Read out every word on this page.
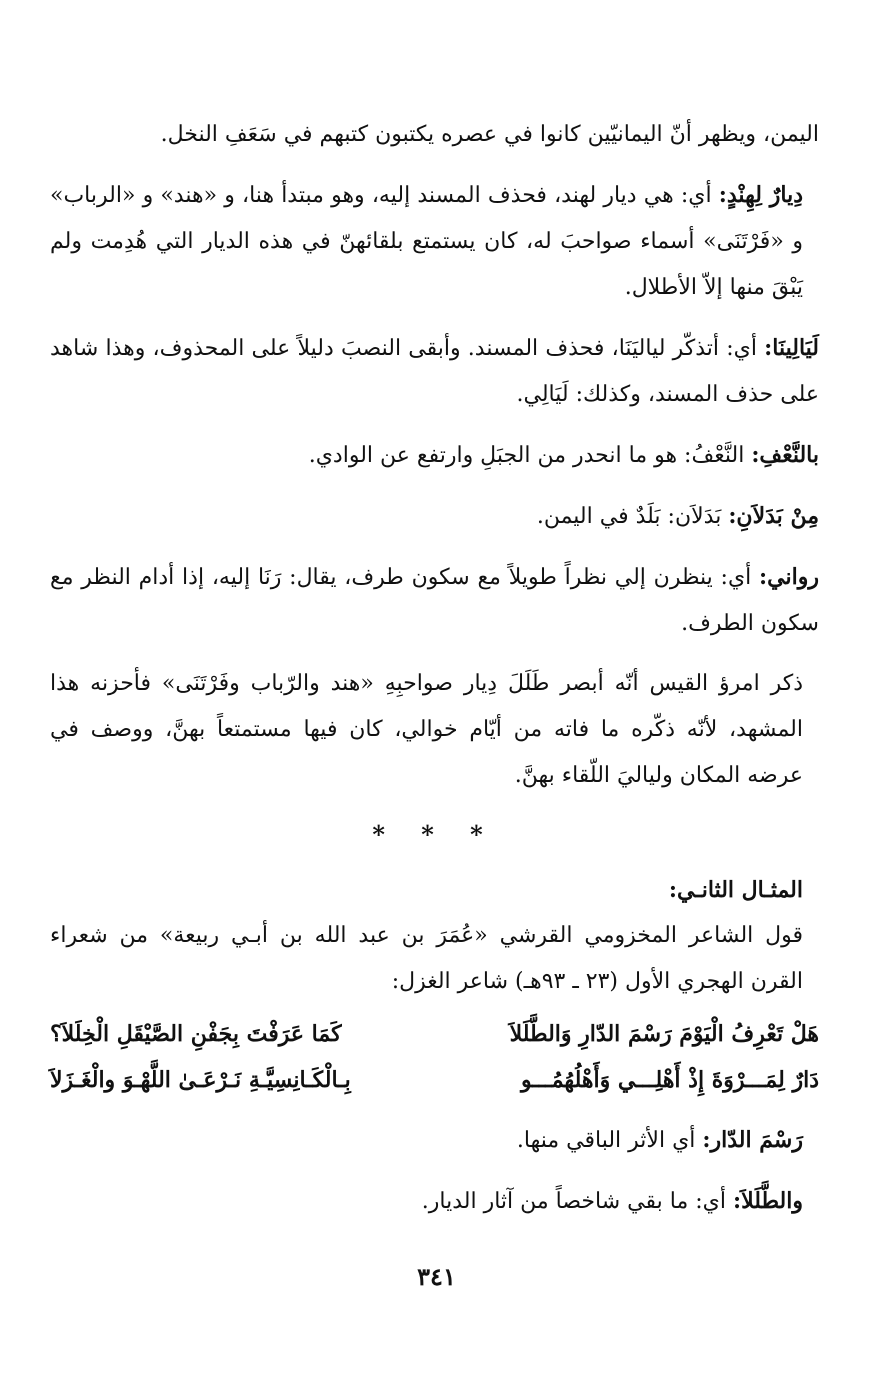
اليمن، ويظهر أنّ اليمانيّين كانوا في عصره يكتبون كتبهم في سَعَفِ النخل.

دِيارٌ لِهِنْدٍ: أي: هي ديار لهند، فحذف المسند إليه، وهو مبتدأ هنا، و «هند» و «الرباب» و «فَرْتَنَى» أسماء صواحبَ له، كان يستمتع بلقائهنّ في هذه الديار التي هُدِمت ولم يَبْقَ منها إلاّ الأطلال.

لَيَالِينَا: أي: أتذكّر لياليَنَا، فحذف المسند. وأبقى النصبَ دليلاً على المحذوف، وهذا شاهد على حذف المسند، وكذلك: لَيَالِي.

بالنَّعْفِ: النَّعْفُ: هو ما انحدر من الجبَلِ وارتفع عن الوادي.

مِنْ بَدَلاَنِ: بَدَلاَن: بَلَدٌ في اليمن.

رواني: أي: ينظرن إلي نظراً طويلاً مع سكون طرف، يقال: رَنَا إليه، إذا أدام النظر مع سكون الطرف.

ذكر امرؤ القيس أنّه أبصر طَلَلَ دِيار صواحبِهِ «هند والرّباب وفَرْتَنَى» فأحزنه هذا المشهد، لأنّه ذكّره ما فاته من أيّام خوالي، كان فيها مستمتعاً بهنَّ، ووصف في عرضه المكان ولياليَ اللّقاء بهنَّ.

* * *

المثـال الثانـي:

قول الشاعر المخزومي القرشي «عُمَرَ بن عبد الله بن أبـي ربيعة» من شعراء القرن الهجري الأول (٢٣ ـ ٩٣هـ) شاعر الغزل:

هَلْ تَعْرِفُ الْيَوْمَ رَسْمَ الدّارِ وَالطَّلَلاَ
كَمَا عَرَفْتَ بِجَفْنِ الصَّيْقَلِ الْخِلَلاَ؟
دَارٌ لِمَـــرْوَةَ إِذْ أَهْلِـــي وَأَهْلُهُمُـــو
بِـالْكَـانِسِيَّـةِ نَـرْعَـىٰ اللَّهْـوَ والْغَـزَلاَ

رَسْمَ الدّار: أي الأثر الباقي منها.

والطَّلَلاَ: أي: ما بقي شاخصاً من آثار الديار.

٣٤١
